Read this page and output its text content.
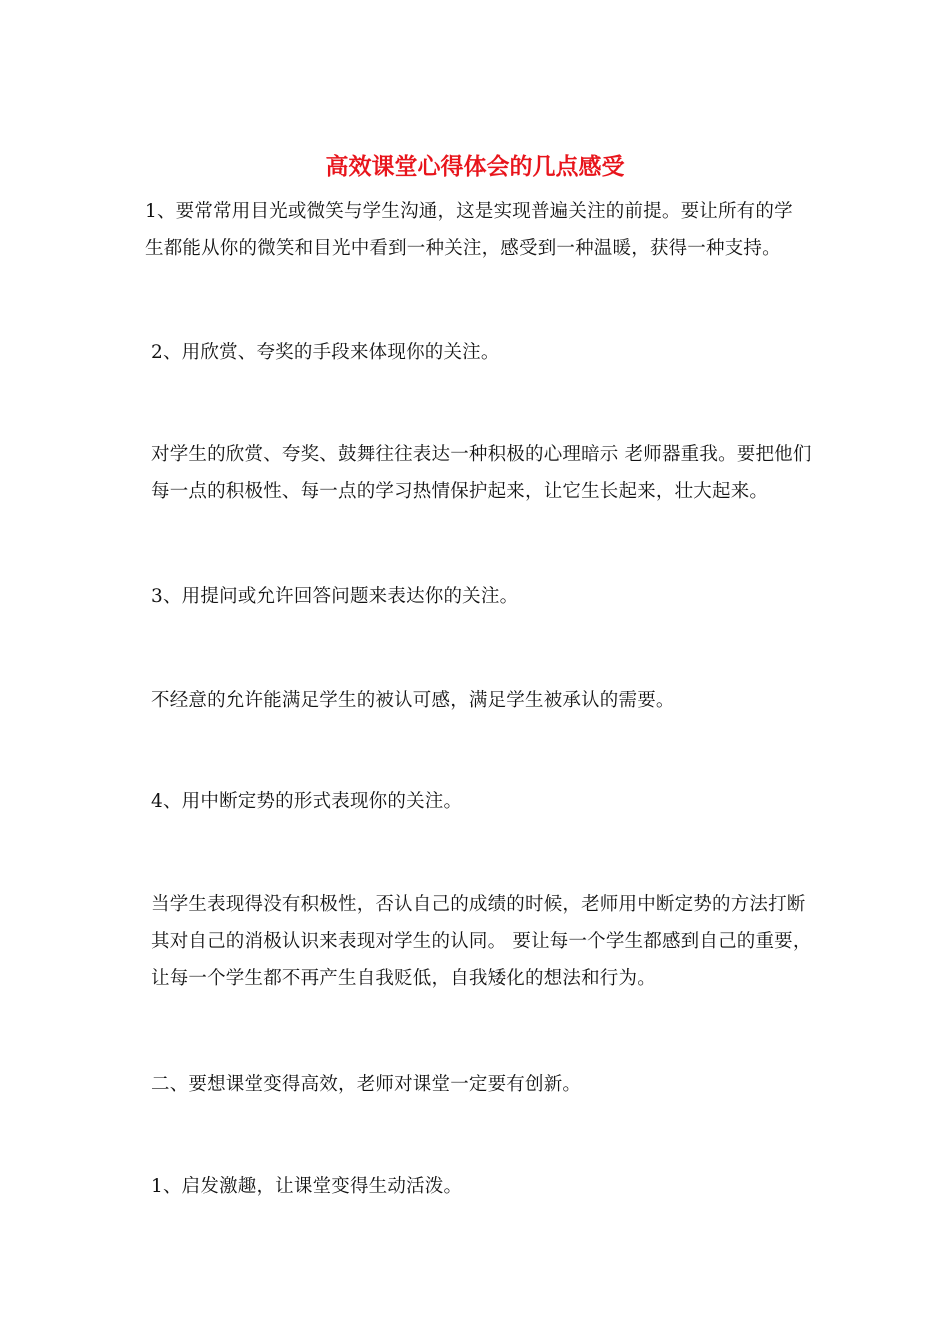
高效课堂心得体会的几点感受

1、要常常用目光或微笑与学生沟通，这是实现普遍关注的前提。要让所有的学生都能从你的微笑和目光中看到一种关注，感受到一种温暖，获得一种支持。

2、用欣赏、夸奖的手段来体现你的关注。

对学生的欣赏、夸奖、鼓舞往往表达一种积极的心理暗示 老师器重我。要把他们每一点的积极性、每一点的学习热情保护起来，让它生长起来，壮大起来。

3、用提问或允许回答问题来表达你的关注。

不经意的允许能满足学生的被认可感，满足学生被承认的需要。

4、用中断定势的形式表现你的关注。

当学生表现得没有积极性，否认自己的成绩的时候，老师用中断定势的方法打断其对自己的消极认识来表现对学生的认同。 要让每一个学生都感到自己的重要，让每一个学生都不再产生自我贬低，自我矮化的想法和行为。

二、要想课堂变得高效，老师对课堂一定要有创新。

1、启发激趣，让课堂变得生动活泼。
